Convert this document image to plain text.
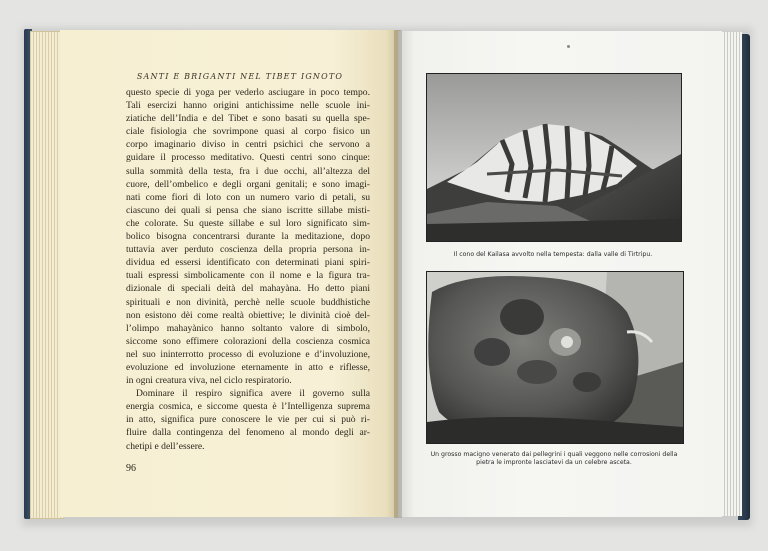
SANTI E BRIGANTI NEL TIBET IGNOTO
questo specie di yoga per vederlo asciugare in poco tempo.
Tali esercizi hanno origini antichissime nelle scuole ini-
ziatiche dell’India e del Tibet e sono basati su quella spe-
ciale fisiologia che sovrimpone quasi al corpo fisico un
corpo imaginario diviso in centri psichici che servono a
guidare il processo meditativo. Questi centri sono cinque:
sulla sommità della testa, fra i due occhi, all’altezza del
cuore, dell’ombelico e degli organi genitali; e sono imagi-
nati come fiori di loto con un numero vario di petali, su
ciascuno dei quali si pensa che siano iscritte sillabe misti-
che colorate. Su queste sillabe e sul loro significato sim-
bolico bisogna concentrarsi durante la meditazione, dopo
tuttavia aver perduto coscienza della propria persona in-
dividua ed essersi identificato con determinati piani spiri-
tuali espressi simbolicamente con il nome e la figura tra-
dizionale di speciali deità del mahayàna. Ho detto piani
spirituali e non divinità, perchè nelle scuole buddhistiche
non esistono dèi come realtà obiettive; le divinità cioè del-
l’olimpo mahayànico hanno soltanto valore di simbolo,
siccome sono effimere colorazioni della coscienza cosmica
nel suo ininterrotto processo di evoluzione e d’involuzione,
evoluzione ed involuzione eternamente in atto e riflesse,
in ogni creatura viva, nel ciclo respiratorio.
Dominare il respiro significa avere il governo sulla
energia cosmica, e siccome questa è l’Intelligenza suprema
in atto, significa pure conoscere le vie per cui si può ri-
fluire dalla contingenza del fenomeno al mondo degli ar-
chetipi e dell’essere.
96
Il cono del Kailasa avvolto nella tempesta: dalla valle di Tirtripu.
Un grosso macigno venerato dai pellegrini i quali veggono nelle corrosioni della
pietra le impronte lasciatevi da un celebre asceta.
